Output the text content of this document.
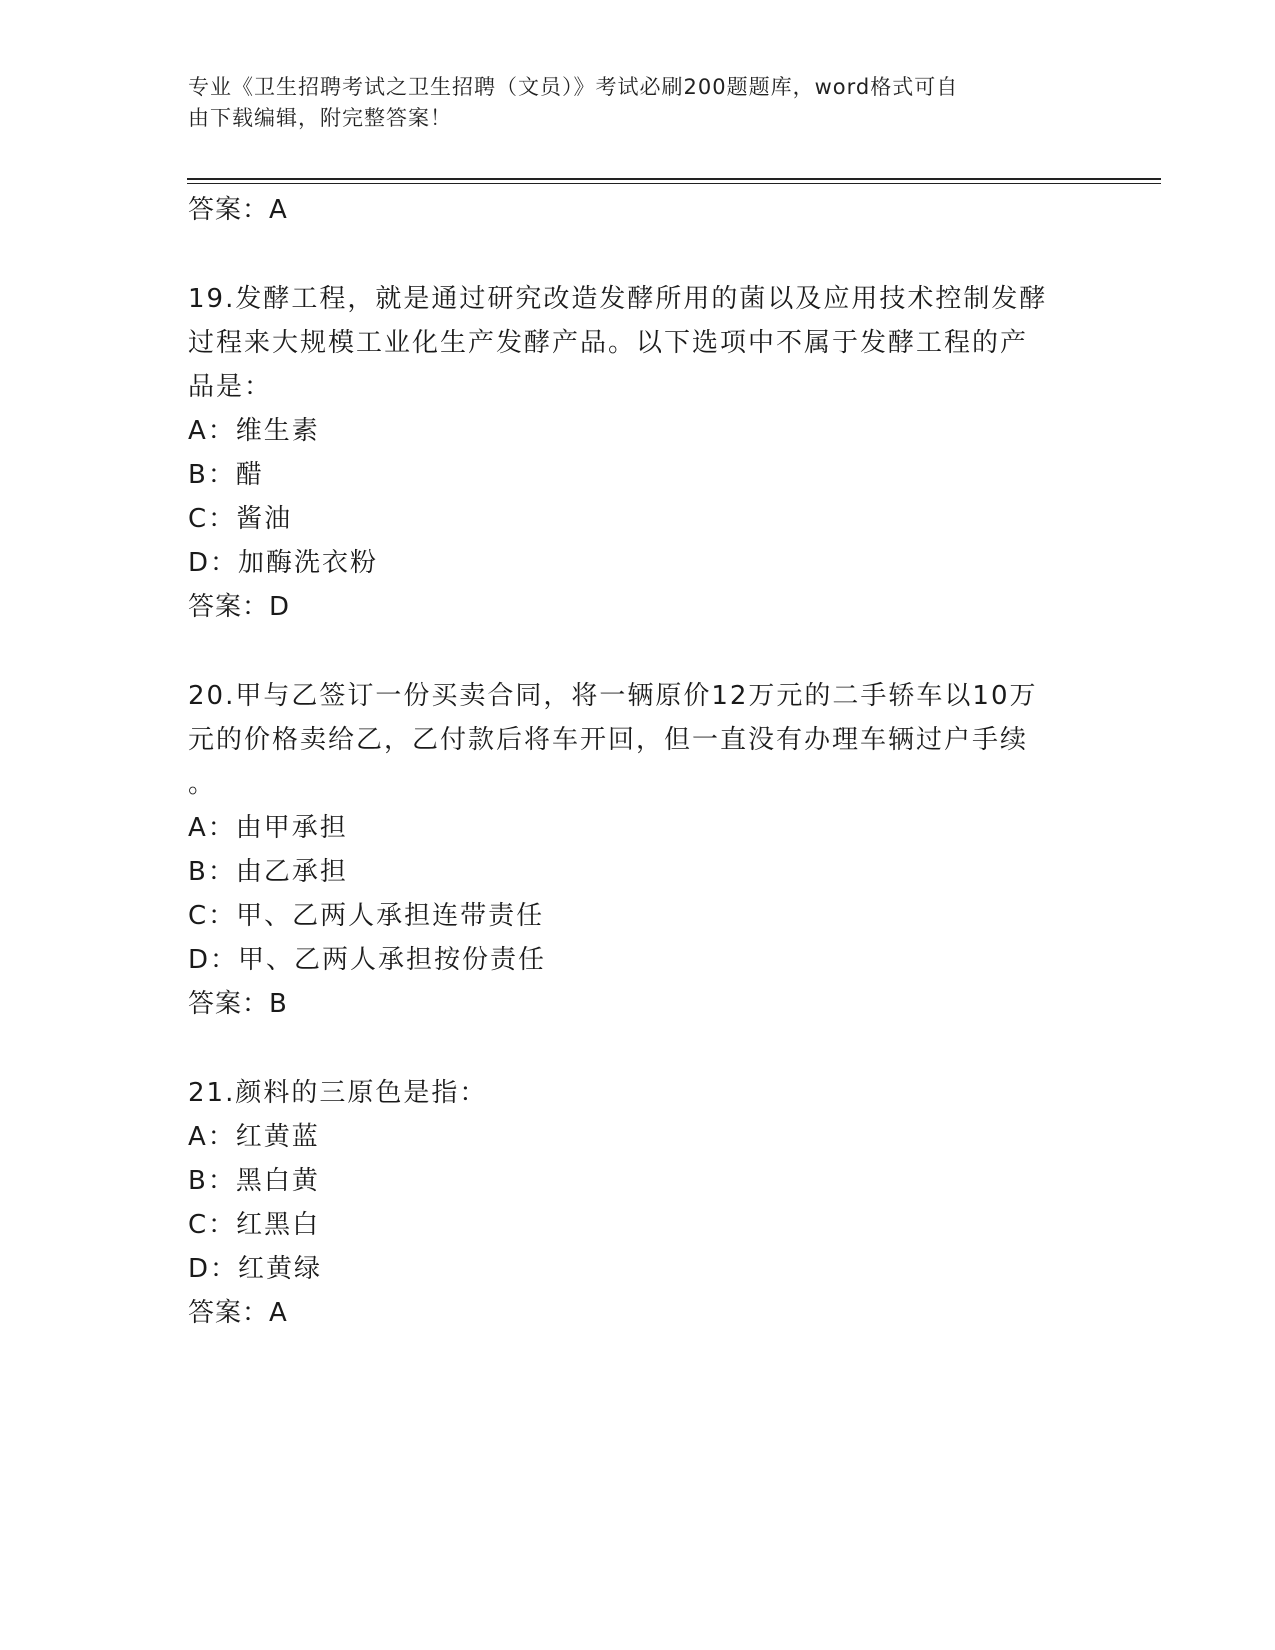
专业《卫生招聘考试之卫生招聘（文员）》考试必刷200题题库，word格式可自
由下载编辑，附完整答案！
答案：A
19.发酵工程，就是通过研究改造发酵所用的菌以及应用技术控制发酵
过程来大规模工业化生产发酵产品。以下选项中不属于发酵工程的产
品是：
A：维生素
B：醋
C：酱油
D：加酶洗衣粉
答案：D
20.甲与乙签订一份买卖合同，将一辆原价12万元的二手轿车以10万
元的价格卖给乙，乙付款后将车开回，但一直没有办理车辆过户手续
。
A：由甲承担
B：由乙承担
C：甲、乙两人承担连带责任
D：甲、乙两人承担按份责任
答案：B
21.颜料的三原色是指：
A：红黄蓝
B：黑白黄
C：红黑白
D：红黄绿
答案：A
